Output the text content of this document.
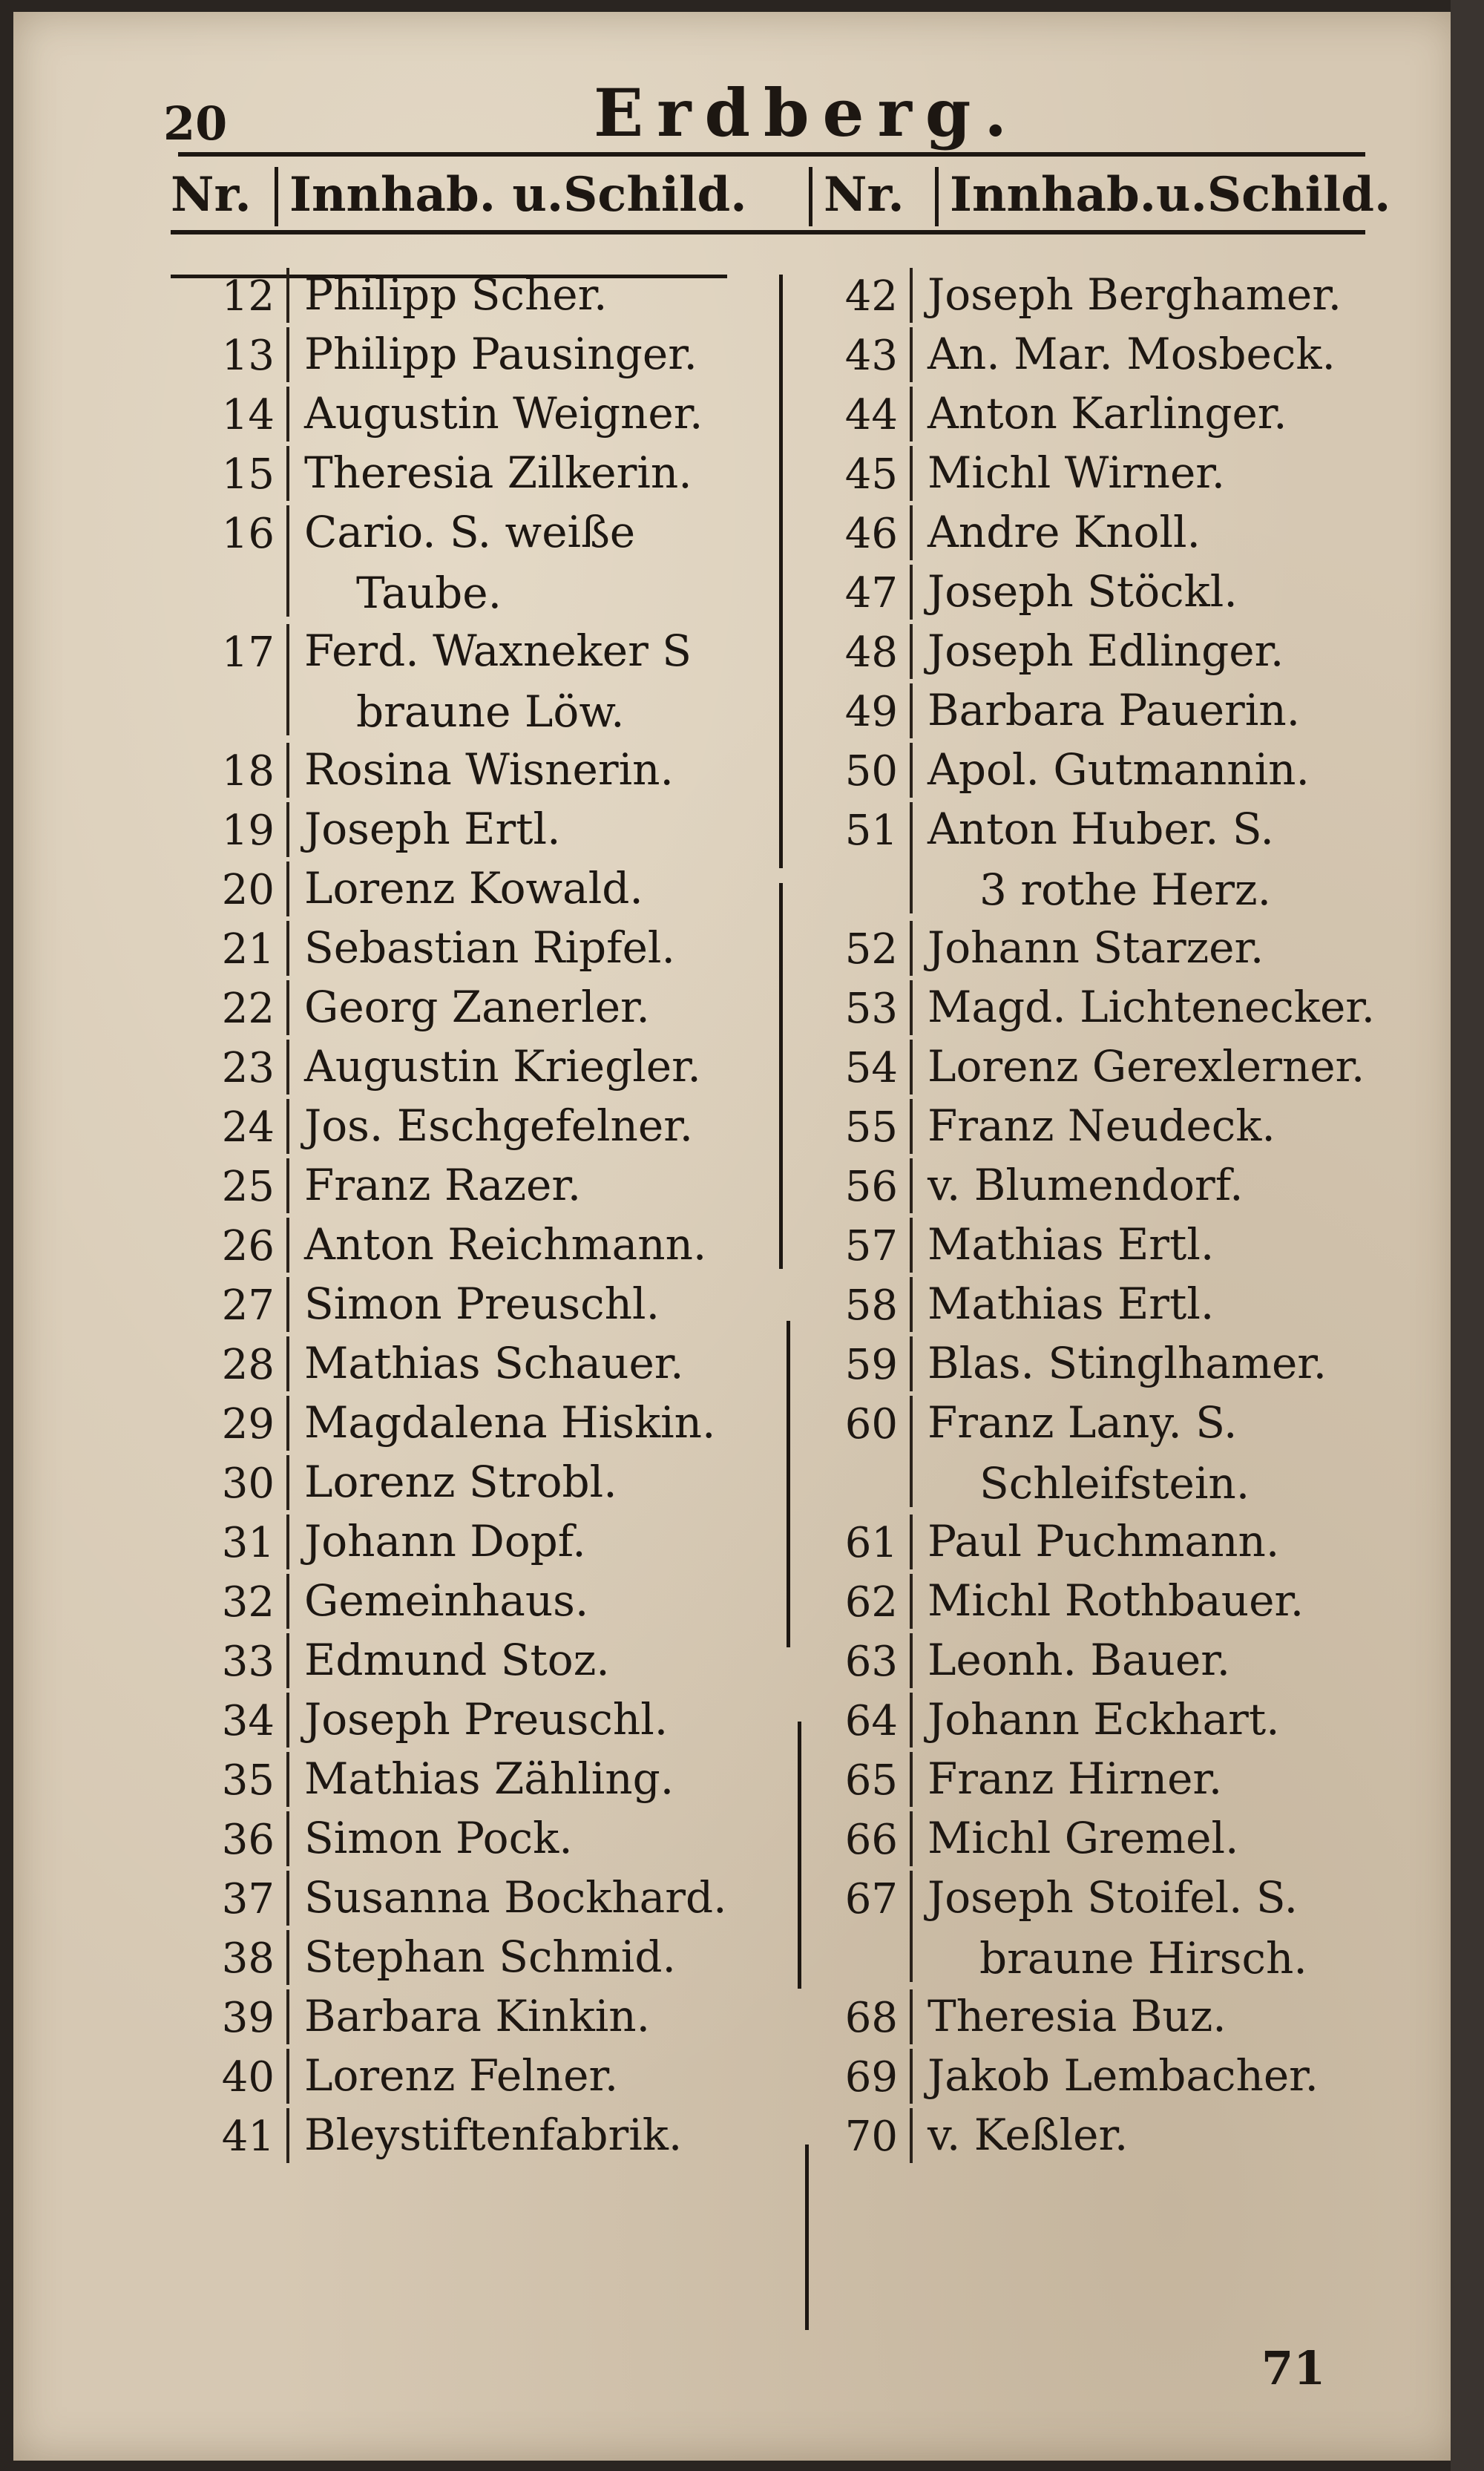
20	Erdberg.
Nr. Innhab. u.Schild. Nr. Innhab.u.Schild.
12 Philipp Scher.
13 Philipp Pausinger.
14 Augustin Weigner.
15 Theresia Zilkerin.
16 Cario. S. weiße
Taube.
17 Ferd. Waxneker S
braune Löw.
18 Rosina Wisnerin.
19 Joseph Ertl.
20 Lorenz Kowald.
21 Sebastian Ripfel.
22 Georg Zanerler.
23 Augustin Kriegler.
24 Jos. Eschgefelner.
25 Franz Razer.
26 Anton Reichmann.
27 Simon Preuschl.
28 Mathias Schauer.
29 Magdalena Hiskin.
30 Lorenz Strobl.
31 Johann Dopf.
32 Gemeinhaus.
33 Edmund Stoz.
34 Joseph Preuschl.
35 Mathias Zähling.
36 Simon Pock.
37 Susanna Bockhard.
38 Stephan Schmid.
39 Barbara Kinkin.
40 Lorenz Felner.
41 Bleystiftenfabrik.
42 Joseph Berghamer.
43 An. Mar. Mosbeck.
44 Anton Karlinger.
45 Michl Wirner.
46 Andre Knoll.
47 Joseph Stöckl.
48 Joseph Edlinger.
49 Barbara Pauerin.
50 Apol. Gutmannin.
51 Anton Huber. S.
3 rothe Herz.
52 Johann Starzer.
53 Magd. Lichtenecker.
54 Lorenz Gerexlerner.
55 Franz Neudeck.
56 v. Blumendorf.
57 Mathias Ertl.
58 Mathias Ertl.
59 Blas. Stinglhamer.
60 Franz Lany. S.
Schleifstein.
61 Paul Puchmann.
62 Michl Rothbauer.
63 Leonh. Bauer.
64 Johann Eckhart.
65 Franz Hirner.
66 Michl Gremel.
67 Joseph Stoifel. S.
braune Hirsch.
68 Theresia Buz.
69 Jakob Lembacher.
70 v. Keßler.
71
